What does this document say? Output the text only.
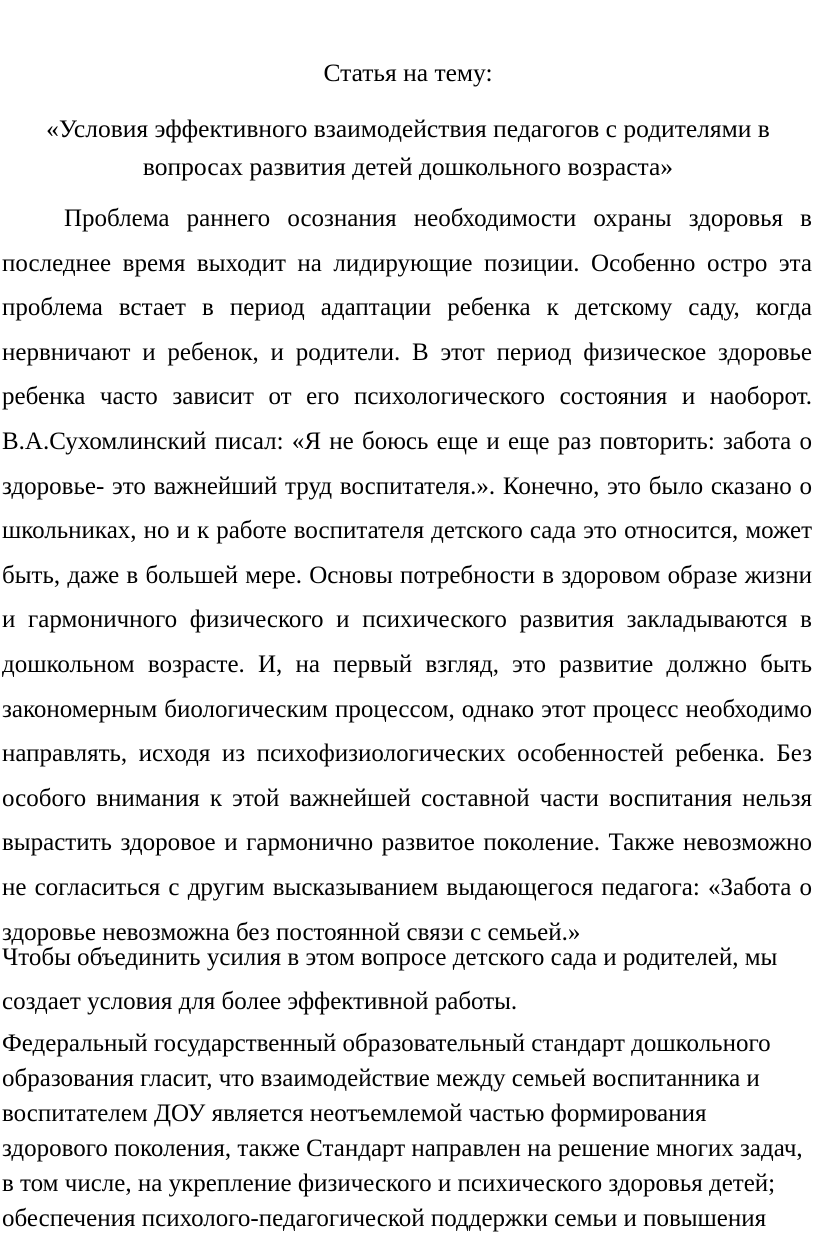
Статья на тему:
«Условия эффективного взаимодействия педагогов с родителями в вопросах развития детей дошкольного возраста»

Проблема раннего осознания необходимости охраны здоровья в последнее время выходит на лидирующие позиции. Особенно остро эта проблема встает в период адаптации ребенка к детскому саду, когда нервничают и ребенок, и родители. В этот период физическое здоровье ребенка часто зависит от его психологического состояния и наоборот. В.А.Сухомлинский писал: «Я не боюсь еще и еще раз повторить: забота о здоровье- это важнейший труд воспитателя.». Конечно, это было сказано о школьниках, но и к работе воспитателя детского сада это относится, может быть, даже в большей мере. Основы потребности в здоровом образе жизни и гармоничного физического и психического развития закладываются в дошкольном возрасте. И, на первый взгляд, это развитие должно быть закономерным биологическим процессом, однако этот процесс необходимо направлять, исходя из психофизиологических особенностей ребенка. Без особого внимания к этой важнейшей составной части воспитания нельзя вырастить здоровое и гармонично развитое поколение. Также невозможно не согласиться с другим высказыванием выдающегося педагога: «Забота о здоровье невозможна без постоянной связи с семьей.»

Чтобы объединить усилия в этом вопросе детского сада и родителей, мы создает условия для более эффективной работы.

Федеральный государственный образовательный стандарт дошкольного образования гласит, что взаимодействие между семьей воспитанника и воспитателем ДОУ является неотъемлемой частью формирования здорового поколения, также Стандарт направлен на решение многих задач, в том числе, на укрепление физического и психического здоровья детей; обеспечения психолого-педагогической поддержки семьи и повышения
